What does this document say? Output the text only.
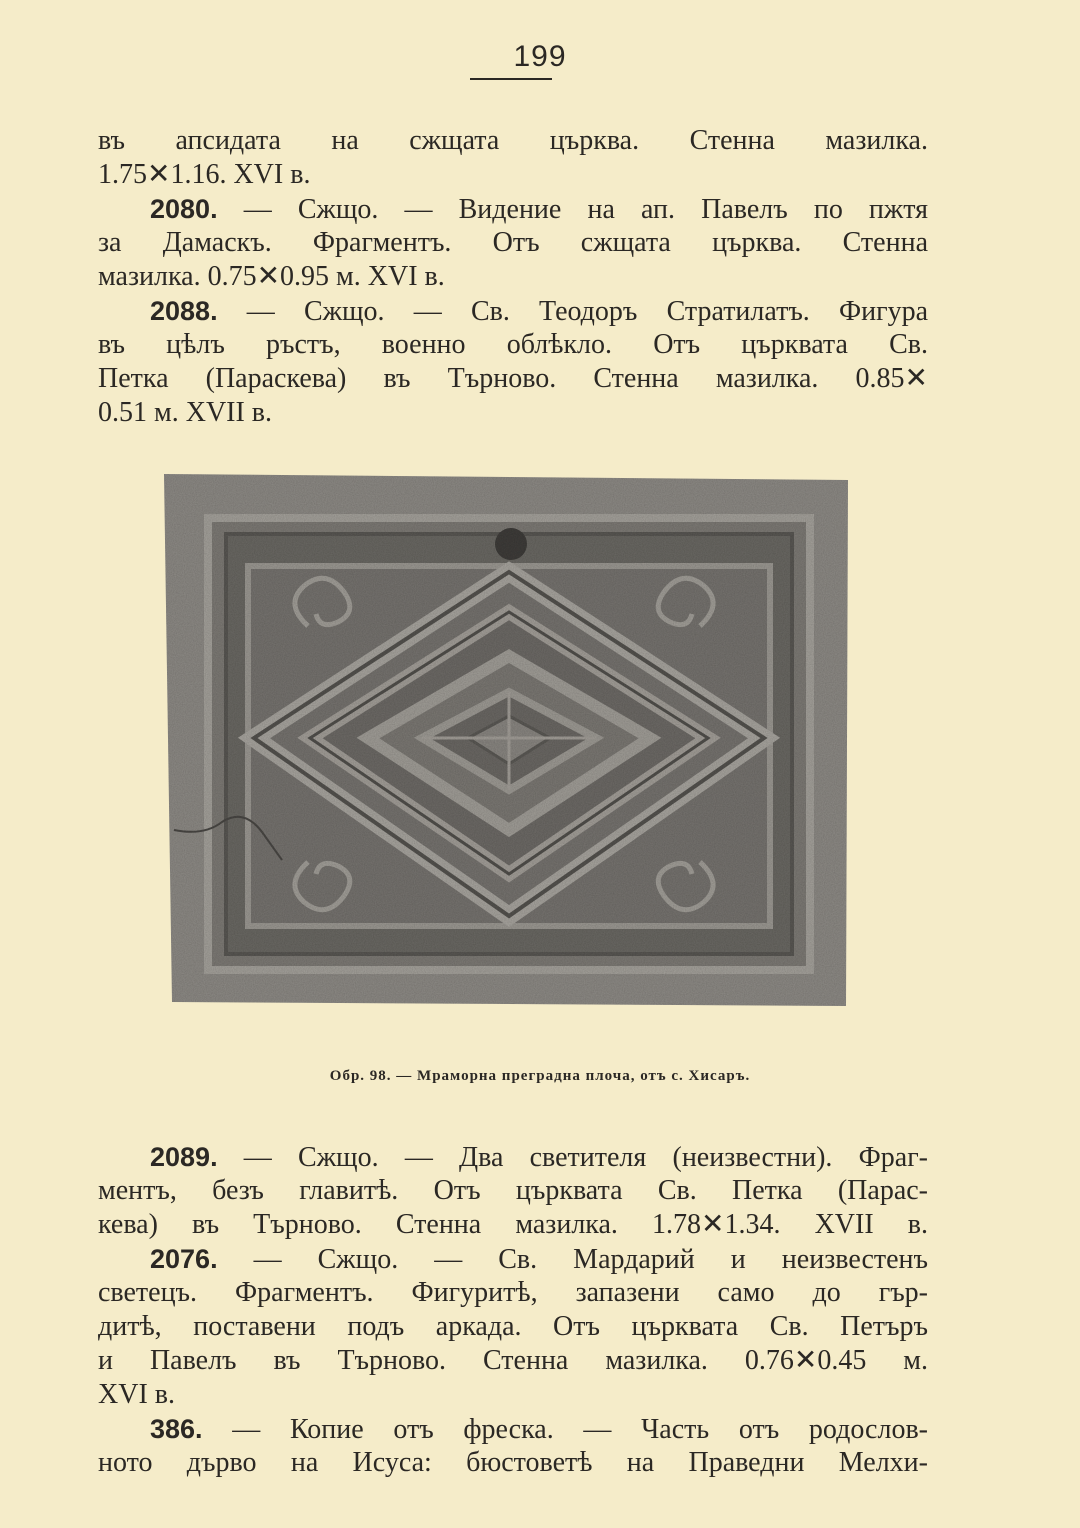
199
въ апсидата на сжщата църква. Стенна мазилка.
1.75✕1.16. XVI в.
2080. — Сжщо. — Видение на ап. Павелъ по пжтя
за Дамаскъ. Фрагментъ. Отъ сжщата църква. Стенна
мазилка. 0.75✕0.95 м. XVI в.
2088. — Сжщо. — Св. Теодоръ Стратилатъ. Фигура
въ цѣлъ ръстъ, военно облѣкло. Отъ църквата Св.
Петка (Параскева) въ Търново. Стенна мазилка. 0.85✕
0.51 м. XVII в.
Обр. 98. — Мраморна преградна плоча, отъ с. Хисаръ.
2089. — Сжщо. — Два светителя (неизвестни). Фраг-
ментъ, безъ главитѣ. Отъ църквата Св. Петка (Парас-
кева) въ Търново. Стенна мазилка. 1.78✕1.34. XVII в.
2076. — Сжщо. — Св. Мардарий и неизвестенъ
светецъ. Фрагментъ. Фигуритѣ, запазени само до гър-
дитѣ, поставени подъ аркада. Отъ църквата Св. Петъръ
и Павелъ въ Търново. Стенна мазилка. 0.76✕0.45 м.
XVI в.
386. — Копие отъ фреска. — Часть отъ родослов-
ното дърво на Исуса: бюстоветѣ на Праведни Мелхи-
